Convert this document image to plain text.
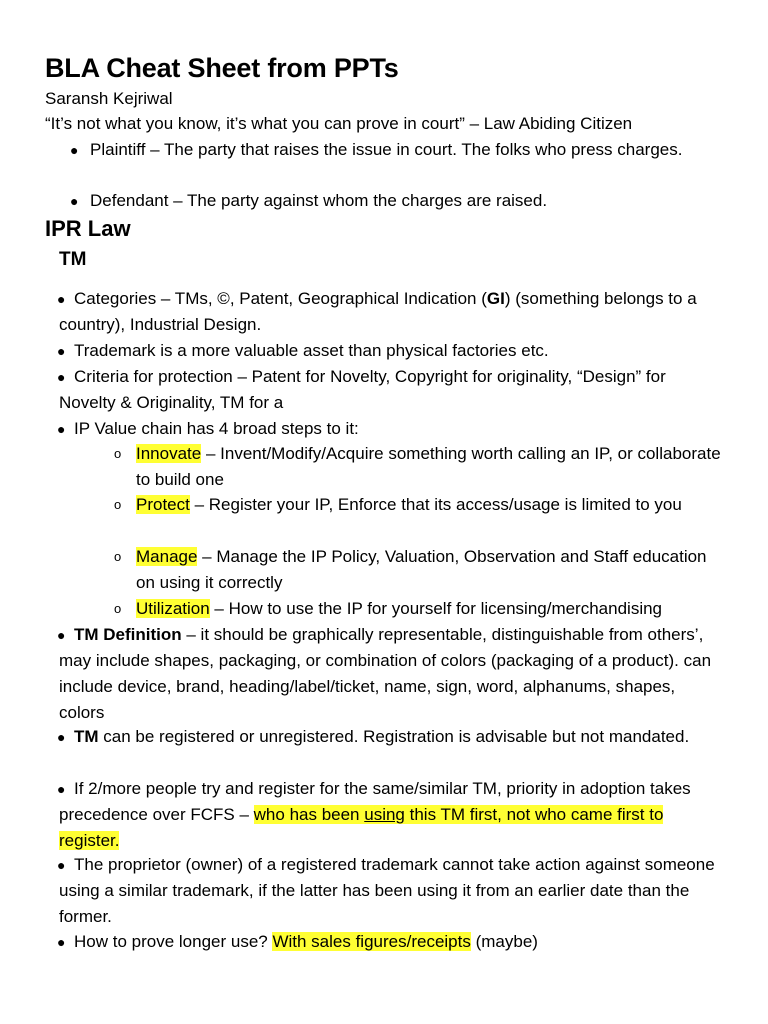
BLA Cheat Sheet from PPTs
Saransh Kejriwal
“It’s not what you know, it’s what you can prove in court” – Law Abiding Citizen
● Plaintiff – The party that raises the issue in court. The folks who press charges.
● Defendant – The party against whom the charges are raised.
IPR Law
TM
● Categories – TMs, ©, Patent, Geographical Indication (GI) (something belongs to a country), Industrial Design.
● Trademark is a more valuable asset than physical factories etc.
● Criteria for protection – Patent for Novelty, Copyright for originality, “Design” for Novelty & Originality, TM for a
● IP Value chain has 4 broad steps to it:
o Innovate – Invent/Modify/Acquire something worth calling an IP, or collaborate to build one
o Protect – Register your IP, Enforce that its access/usage is limited to you
o Manage – Manage the IP Policy, Valuation, Observation and Staff education on using it correctly
o Utilization – How to use the IP for yourself for licensing/merchandising
● TM Definition – it should be graphically representable, distinguishable from others’, may include shapes, packaging, or combination of colors (packaging of a product). can include device, brand, heading/label/ticket, name, sign, word, alphanums, shapes, colors
● TM can be registered or unregistered. Registration is advisable but not mandated.
● If 2/more people try and register for the same/similar TM, priority in adoption takes precedence over FCFS – who has been using this TM first, not who came first to register.
● The proprietor (owner) of a registered trademark cannot take action against someone using a similar trademark, if the latter has been using it from an earlier date than the former.
● How to prove longer use? With sales figures/receipts (maybe)
